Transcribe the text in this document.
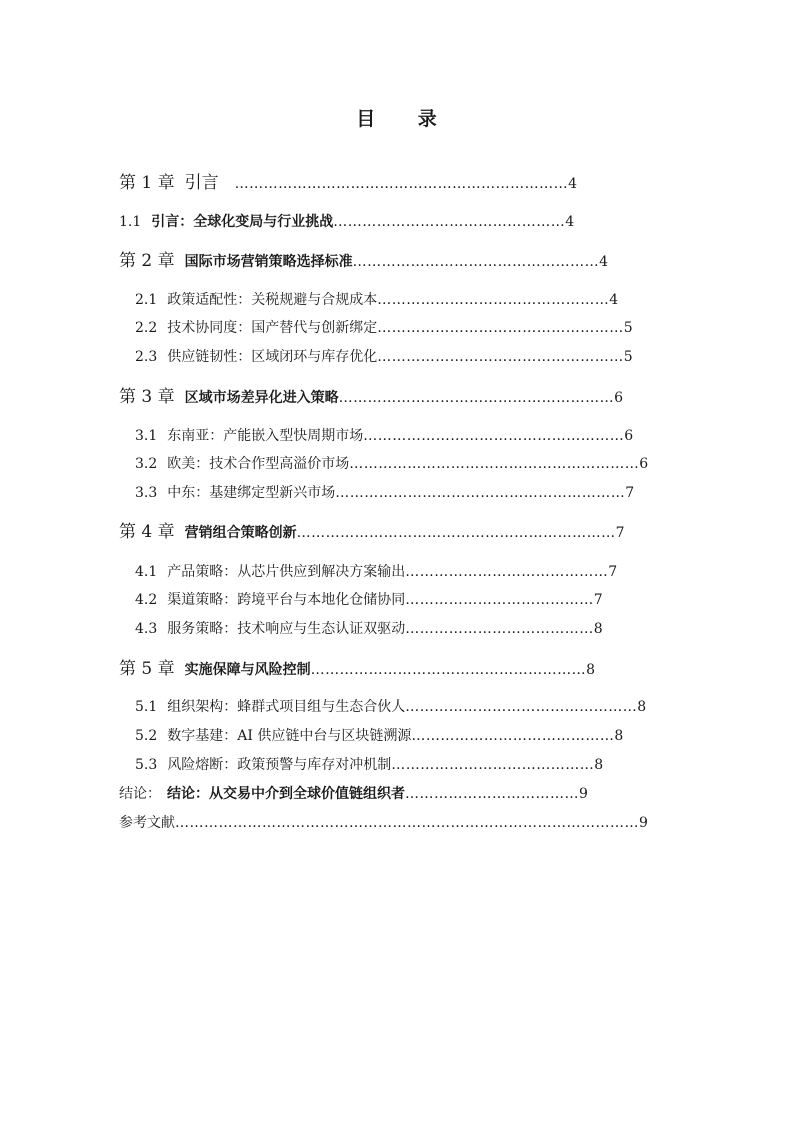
目 录
第 1 章 引言 ……………………………………………………………4
1.1 引言：全球化变局与行业挑战…………………………………………4
第 2 章 国际市场营销策略选择标准……………………………………………4
2.1 政策适配性：关税规避与合规成本…………………………………………4
2.2 技术协同度：国产替代与创新绑定……………………………………………5
2.3 供应链韧性：区域闭环与库存优化……………………………………………5
第 3 章 区域市场差异化进入策略…………………………………………………6
3.1 东南亚：产能嵌入型快周期市场………………………………………………6
3.2 欧美：技术合作型高溢价市场……………………………………………………6
3.3 中东：基建绑定型新兴市场……………………………………………………7
第 4 章 营销组合策略创新…………………………………………………………7
4.1 产品策略：从芯片供应到解决方案输出……………………………………7
4.2 渠道策略：跨境平台与本地化仓储协同…………………………………7
4.3 服务策略：技术响应与生态认证双驱动…………………………………8
第 5 章 实施保障与风险控制…………………………………………………8
5.1 组织架构：蜂群式项目组与生态合伙人…………………………………………8
5.2 数字基建：AI 供应链中台与区块链溯源……………………………………8
5.3 风险熔断：政策预警与库存对冲机制……………………………………8
结论： 结论：从交易中介到全球价值链组织者………………………………9
参考文献……………………………………………………………………………………9
